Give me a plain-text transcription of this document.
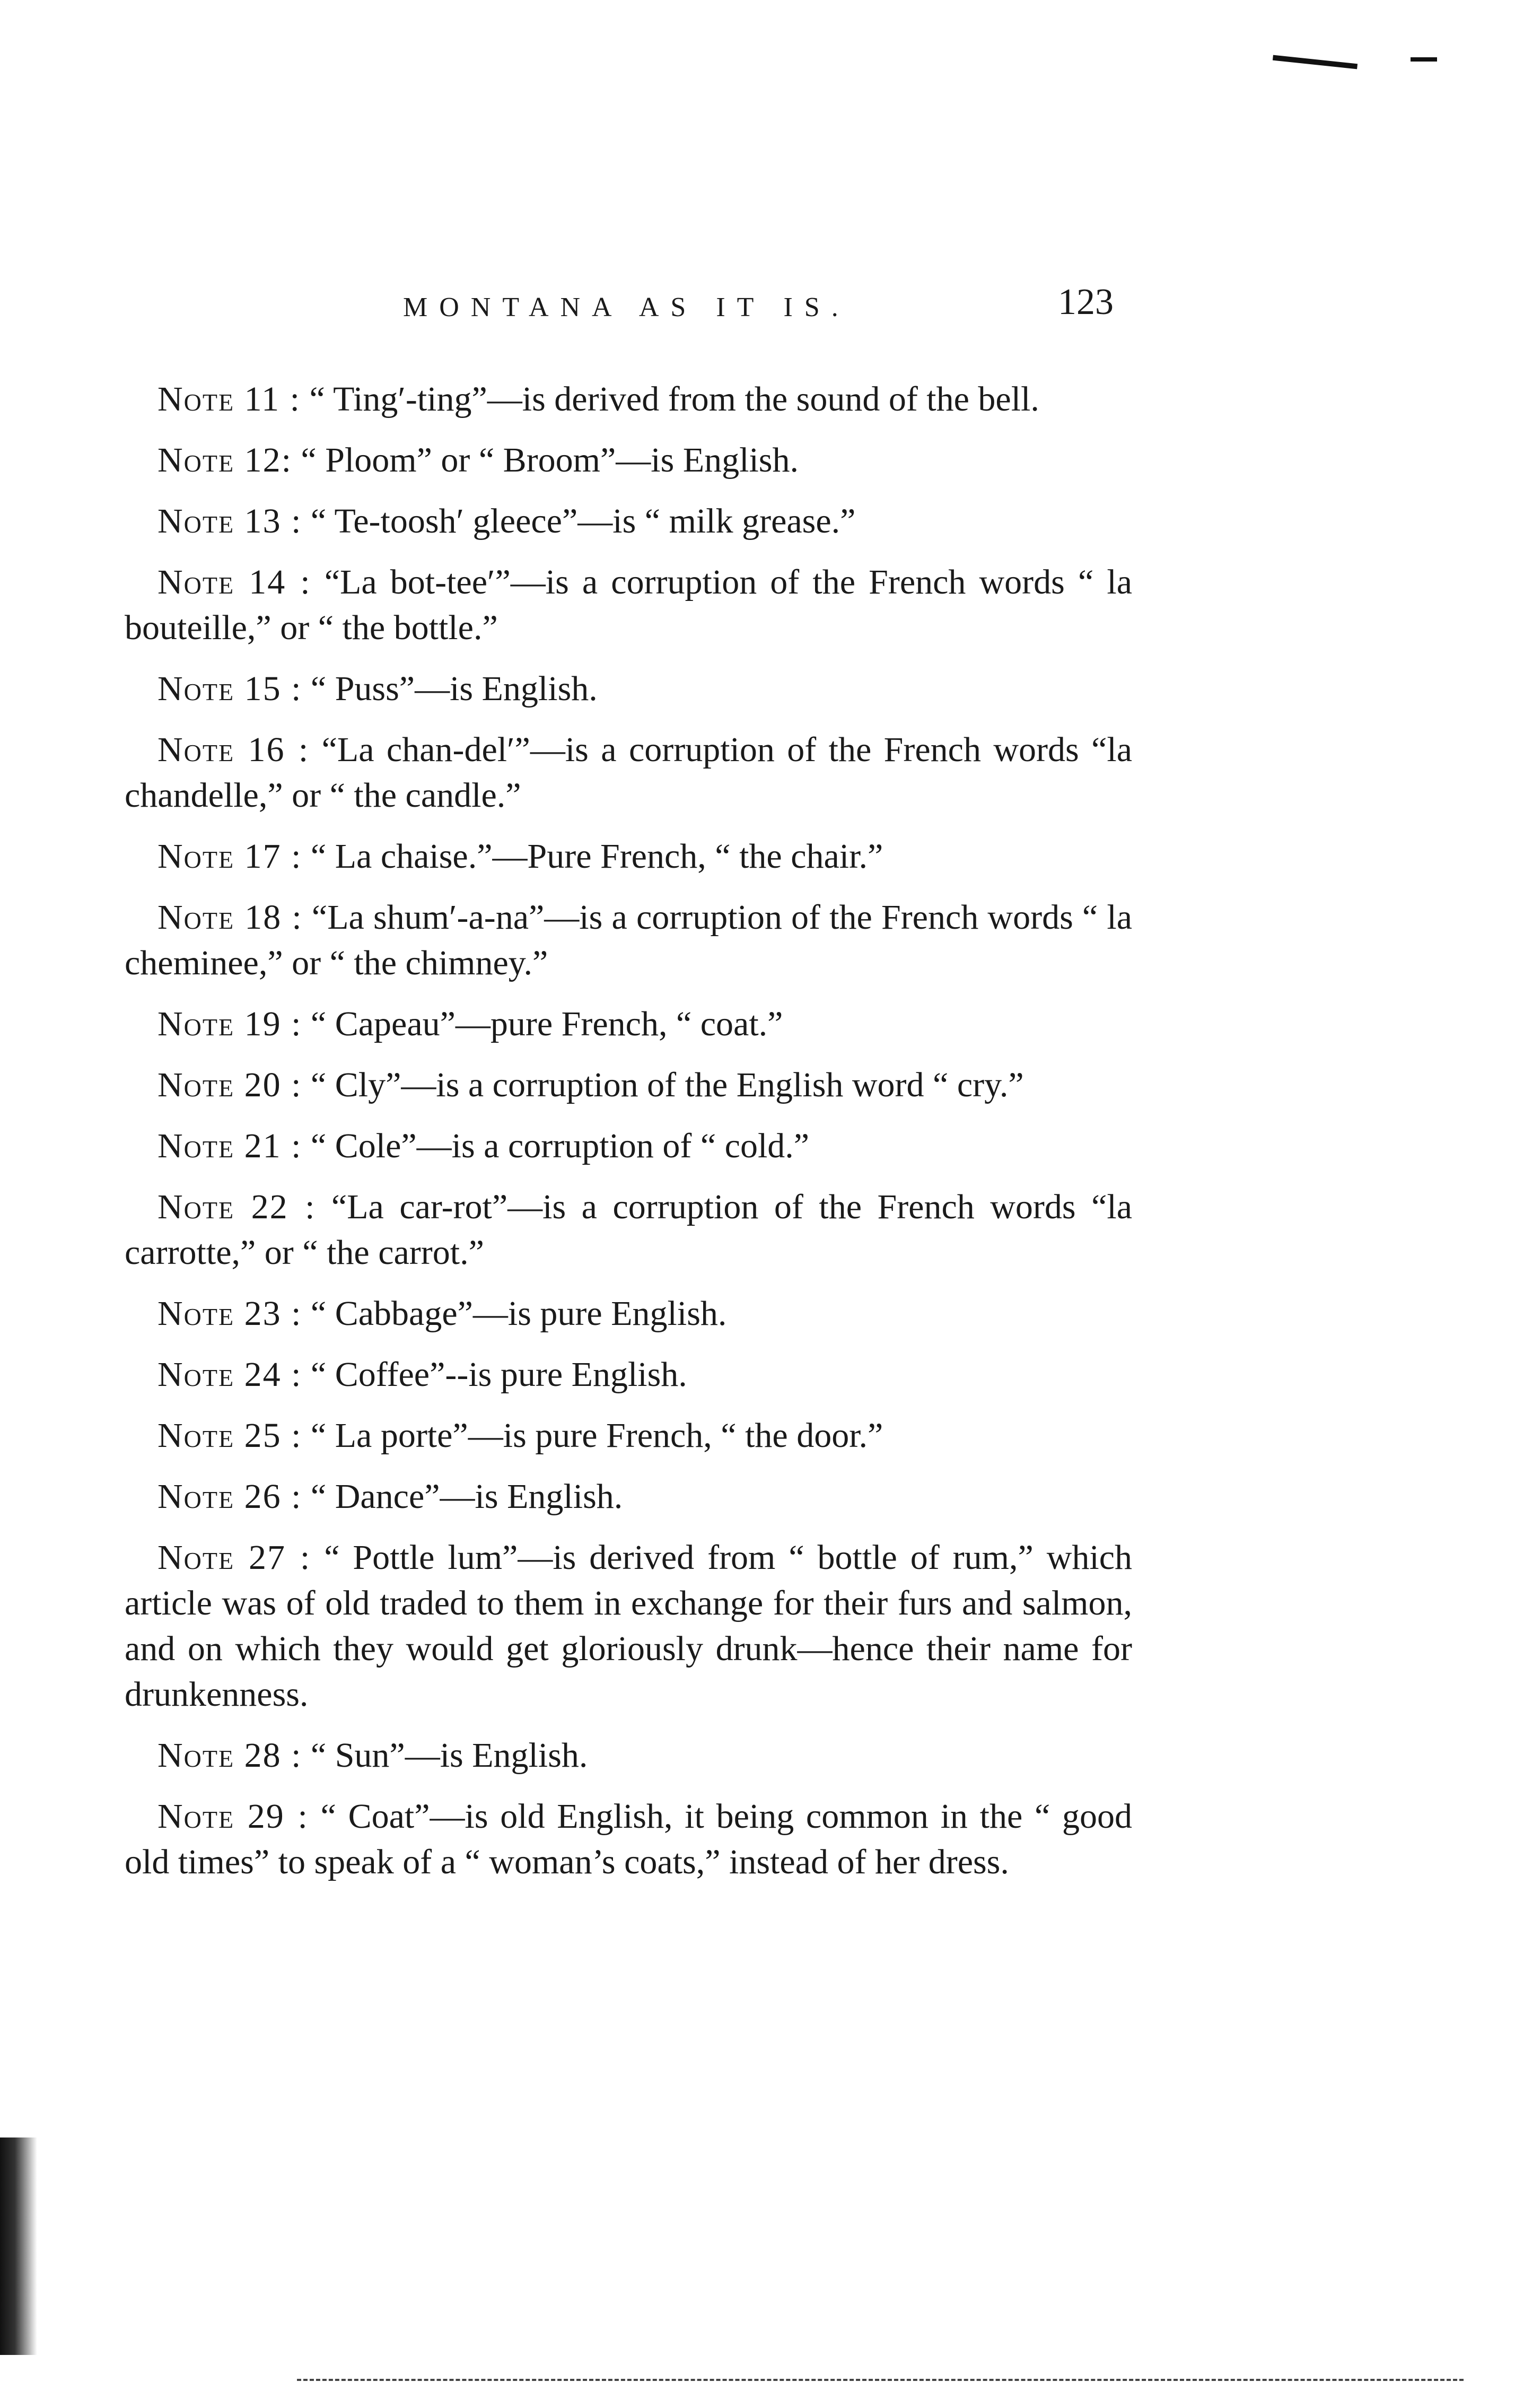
MONTANA AS IT IS.	123

Note 11 : “ Ting′-ting”—is derived from the sound of the bell.

Note 12: “ Ploom” or “ Broom”—is English.

Note 13 : “ Te-toosh′ gleece”—is “ milk grease.”

Note 14 : “La bot-tee′”—is a corruption of the French words “ la bouteille,” or “ the bottle.”

Note 15 : “ Puss”—is English.

Note 16 : “La chan-del′”—is a corruption of the French words “la chandelle,” or “ the candle.”

Note 17 : “ La chaise.”—Pure French, “ the chair.”

Note 18 : “La shum′-a-na”—is a corruption of the French words “ la cheminee,” or “ the chimney.”

Note 19 : “ Capeau”—pure French, “ coat.”

Note 20 : “ Cly”—is a corruption of the English word “ cry.”

Note 21 : “ Cole”—is a corruption of “ cold.”

Note 22 : “La car-rot”—is a corruption of the French words “la carrotte,” or “ the carrot.”

Note 23 : “ Cabbage”—is pure English.

Note 24 : “ Coffee”--is pure English.

Note 25 : “ La porte”—is pure French, “ the door.”

Note 26 : “ Dance”—is English.

Note 27 : “ Pottle lum”—is derived from “ bottle of rum,” which article was of old traded to them in exchange for their furs and salmon, and on which they would get gloriously drunk—hence their name for drunkenness.

Note 28 : “ Sun”—is English.

Note 29 : “ Coat”—is old English, it being common in the “ good old times” to speak of a “ woman’s coats,” instead of her dress.
